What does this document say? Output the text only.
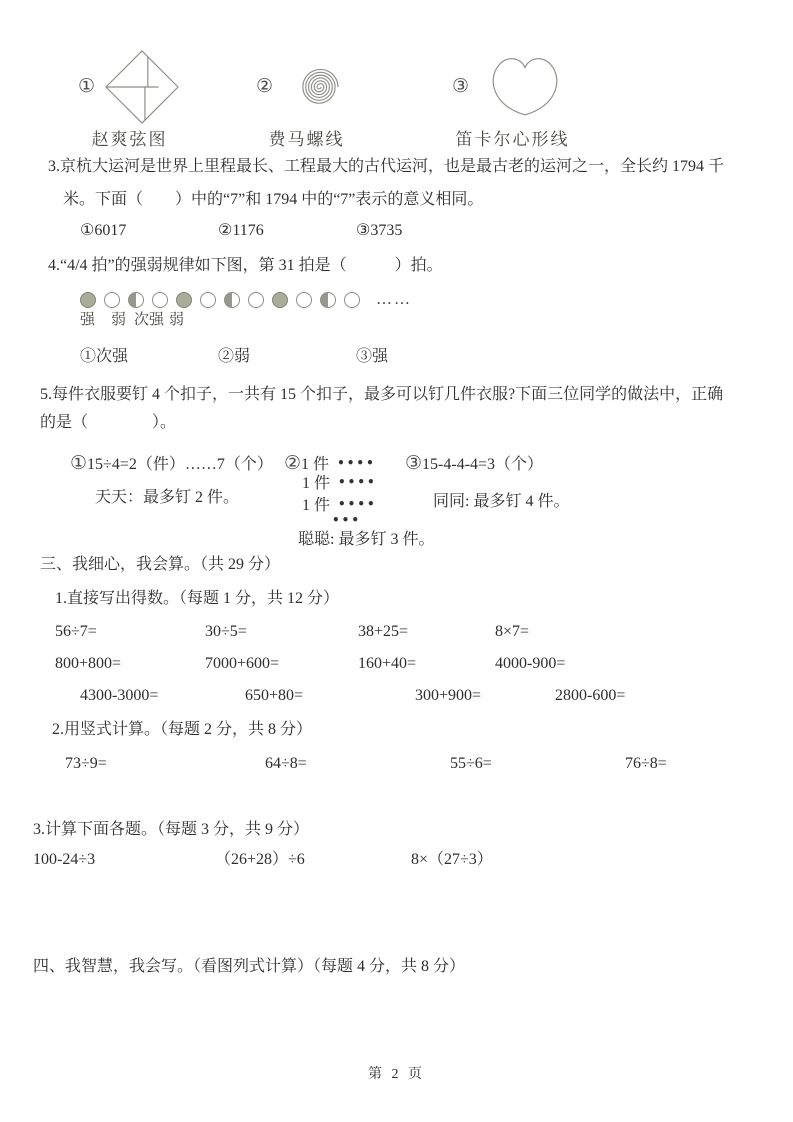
①
赵爽弦图
②
费马螺线
③
笛卡尔心形线
3.京杭大运河是世界上里程最长、工程最大的古代运河，也是最古老的运河之一，全长约 1794 千
米。下面（　　）中的“7”和 1794 中的“7”表示的意义相同。
①6017	②1176	③3735
4.“4/4 拍”的强弱规律如下图，第 31 拍是（　　　）拍。
……
强 弱 次强 弱
①次强	②弱	③强
5.每件衣服要钉 4 个扣子，一共有 15 个扣子，最多可以钉几件衣服?下面三位同学的做法中，正确
的是（　　　　）。
①15÷4=2（件）……7（个）
天天：最多钉 2 件。
②1 件 ••••
1 件 ••••
1 件 ••••
•••
聪聪: 最多钉 3 件。
③15-4-4-4=3（个）
同同: 最多钉 4 件。
三、我细心，我会算。（共 29 分）
1.直接写出得数。（每题 1 分，共 12 分）
56÷7=	30÷5=	38+25=	8×7=
800+800=	7000+600=	160+40=	4000-900=
4300-3000=	650+80=	300+900=	2800-600=
2.用竖式计算。（每题 2 分，共 8 分）
73÷9=	64÷8=	55÷6=	76÷8=
3.计算下面各题。（每题 3 分，共 9 分）
100-24÷3	（26+28）÷6	8×（27÷3）
四、我智慧，我会写。（看图列式计算）（每题 4 分，共 8 分）
第 2 页
